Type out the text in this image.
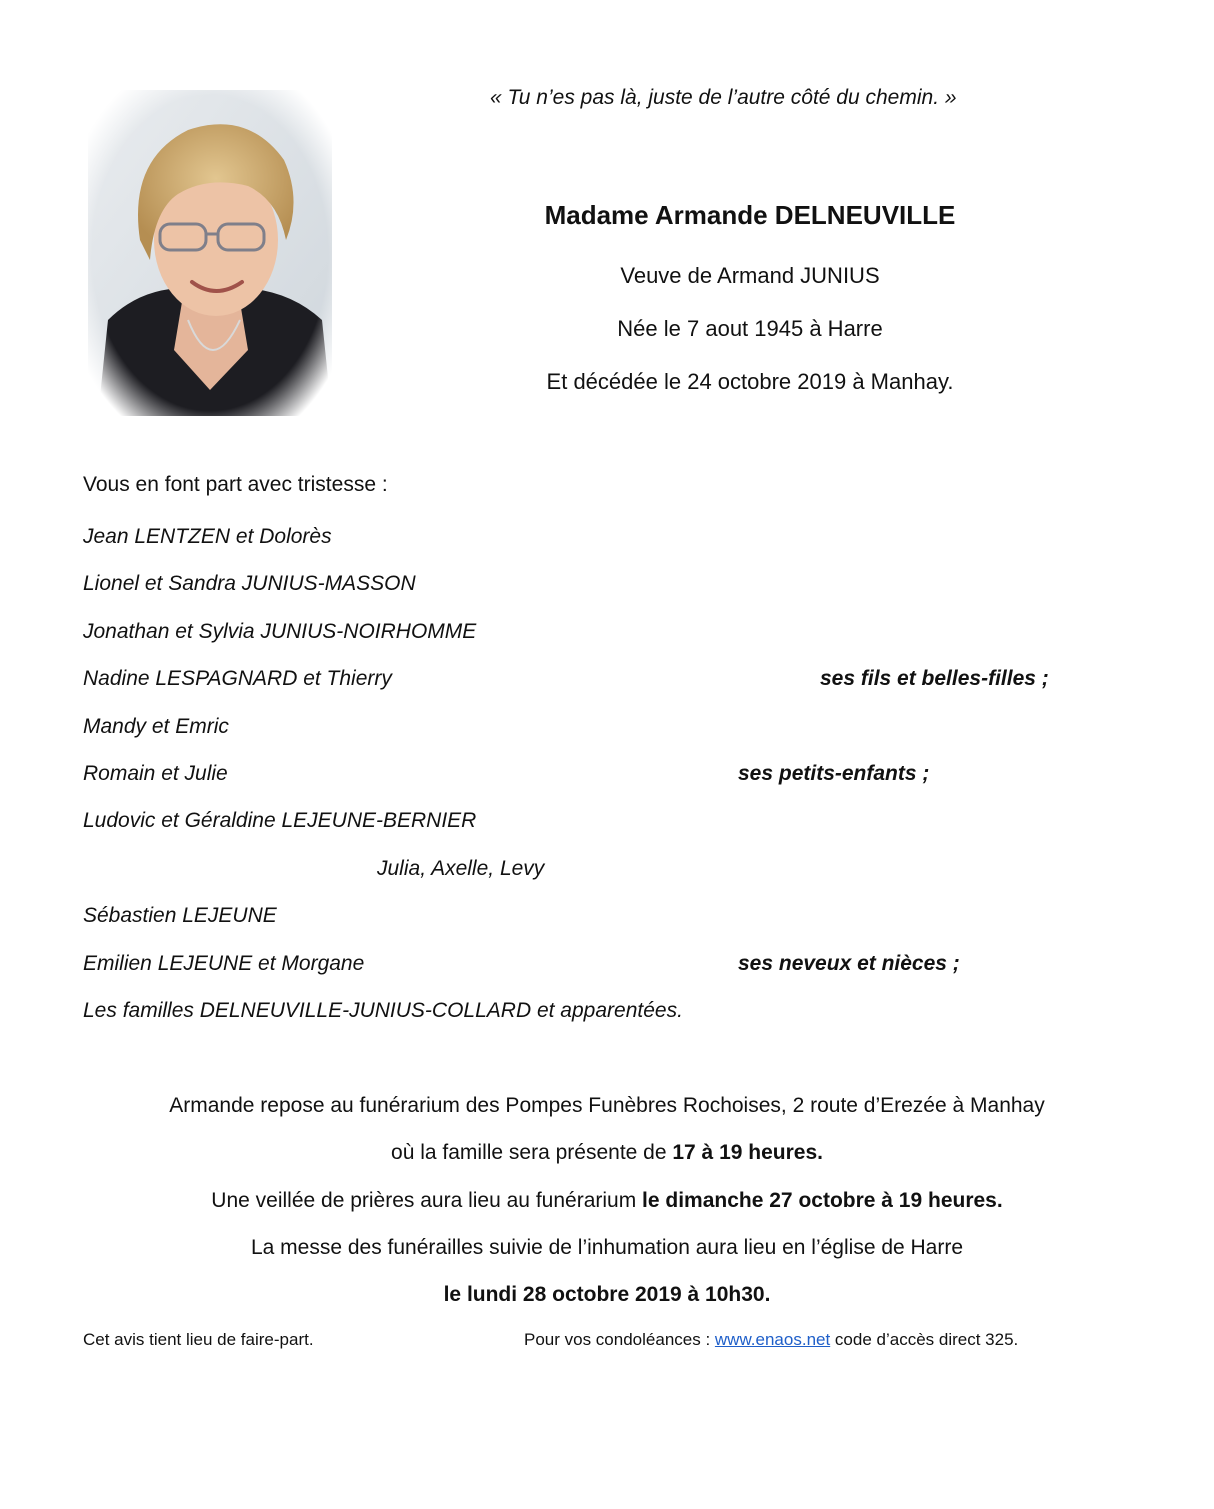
« Tu n’es pas là, juste de l’autre côté du chemin. »
Madame Armande DELNEUVILLE
Veuve de Armand JUNIUS
Née le 7 aout 1945 à Harre
Et décédée le 24 octobre 2019 à Manhay.
Vous en font part avec tristesse :
Jean LENTZEN et Dolorès
Lionel et Sandra JUNIUS-MASSON
Jonathan et Sylvia JUNIUS-NOIRHOMME
Nadine LESPAGNARD et Thierry	ses fils et belles-filles ;
Mandy et Emric
Romain et Julie	ses petits-enfants ;
Ludovic et Géraldine LEJEUNE-BERNIER
Julia, Axelle, Levy
Sébastien LEJEUNE
Emilien LEJEUNE et Morgane	ses neveux et nièces ;
Les familles DELNEUVILLE-JUNIUS-COLLARD et apparentées.
Armande repose au funérarium des Pompes Funèbres Rochoises, 2 route d’Erezée à Manhay
où la famille sera présente de 17 à 19 heures.
Une veillée de prières aura lieu au funérarium le dimanche 27 octobre à 19 heures.
La messe des funérailles suivie de l’inhumation aura lieu en l’église de Harre
le lundi 28 octobre 2019 à 10h30.
Cet avis tient lieu de faire-part.	Pour vos condoléances : www.enaos.net code d’accès direct 325.
